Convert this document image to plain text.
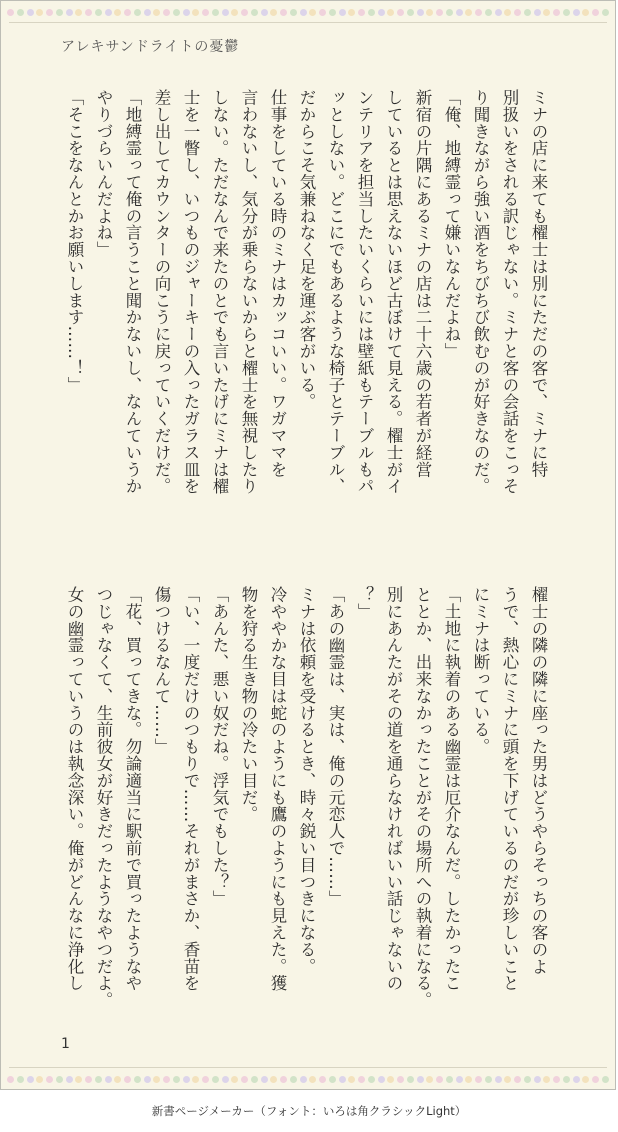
アレキサンドライトの憂鬱
ミナの店に来ても櫂士は別にただの客で、ミナに特
別扱いをされる訳じゃない。ミナと客の会話をこっそ
り聞きながら強い酒をちびちび飲むのが好きなのだ。
「俺、地縛霊って嫌いなんだよね」
新宿の片隅にあるミナの店は二十六歳の若者が経営
しているとは思えないほど古ぼけて見える。櫂士がイ
ンテリアを担当したいくらいには壁紙もテーブルもパ
ッとしない。どこにでもあるような椅子とテーブル、
だからこそ気兼ねなく足を運ぶ客がいる。
仕事をしている時のミナはカッコいい。ワガママを
言わないし、気分が乗らないからと櫂士を無視したり
しない。ただなんで来たのとでも言いたげにミナは櫂
士を一瞥し、いつものジャーキーの入ったガラス皿を
差し出してカウンターの向こうに戻っていくだけだ。
「地縛霊って俺の言うこと聞かないし、なんていうか
やりづらいんだよね」
「そこをなんとかお願いします……！」
櫂士の隣の隣に座った男はどうやらそっちの客のよ
うで、熱心にミナに頭を下げているのだが珍しいこと
にミナは断っている。
「土地に執着のある幽霊は厄介なんだ。したかったこ
ととか、出来なかったことがその場所への執着になる。
別にあんたがその道を通らなければいい話じゃないの
？」
「あの幽霊は、実は、俺の元恋人で……」
ミナは依頼を受けるとき、時々鋭い目つきになる。
冷ややかな目は蛇のようにも鷹のようにも見えた。獲
物を狩る生き物の冷たい目だ。
「あんた、悪い奴だね。浮気でもした？」
「い、一度だけのつもりで……それがまさか、香苗を
傷つけるなんて……」
「花、買ってきな。勿論適当に駅前で買ったようなや
つじゃなくて、生前彼女が好きだったようなやつだよ。
女の幽霊っていうのは執念深い。俺がどんなに浄化し
1
新書ページメーカー（フォント：いろは角クラシックLight）
